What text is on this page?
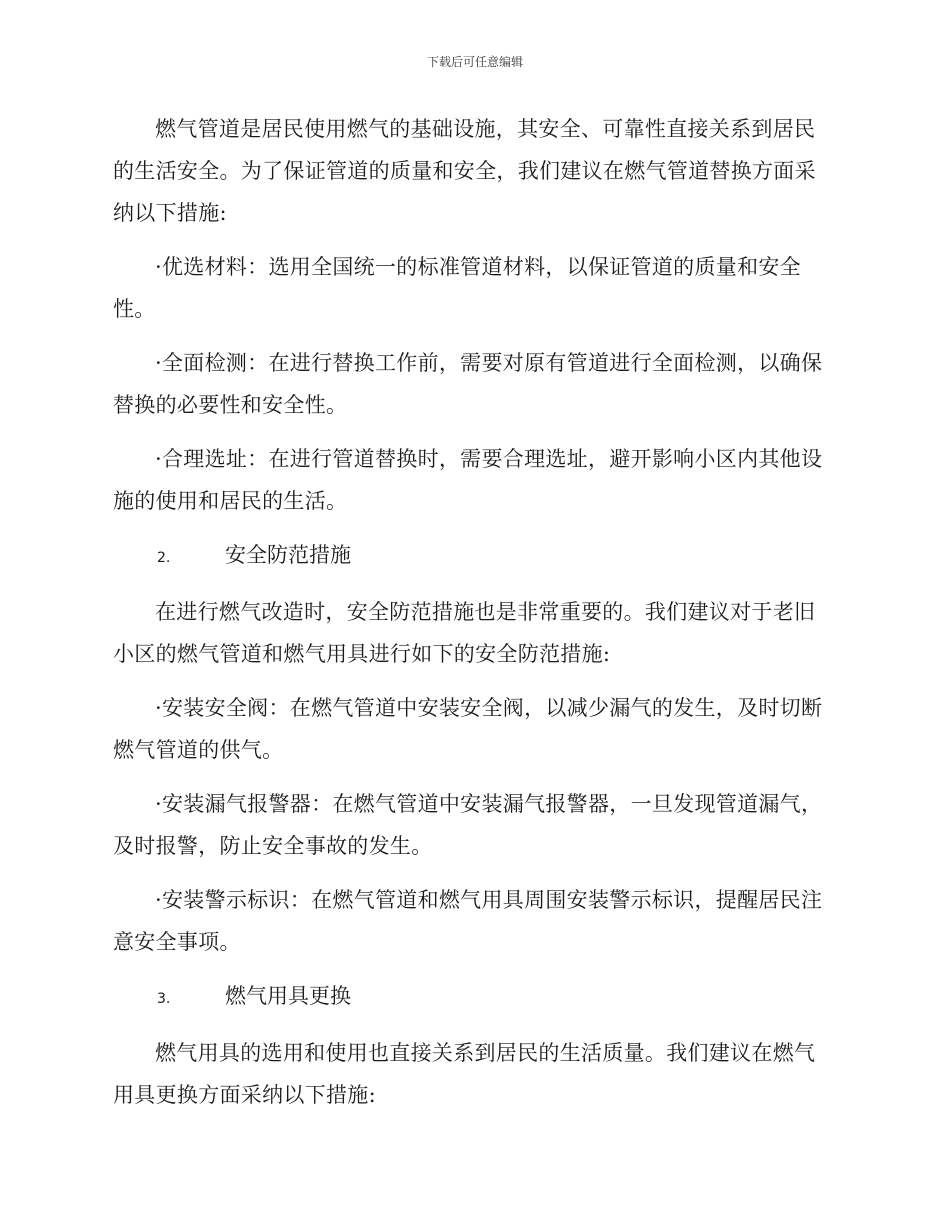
下载后可任意编辑

燃气管道是居民使用燃气的基础设施，其安全、可靠性直接关系到居民的生活安全。为了保证管道的质量和安全，我们建议在燃气管道替换方面采纳以下措施:

·优选材料：选用全国统一的标准管道材料，以保证管道的质量和安全性。

·全面检测：在进行替换工作前，需要对原有管道进行全面检测，以确保替换的必要性和安全性。

·合理选址：在进行管道替换时，需要合理选址，避开影响小区内其他设施的使用和居民的生活。

2.	安全防范措施

在进行燃气改造时，安全防范措施也是非常重要的。我们建议对于老旧小区的燃气管道和燃气用具进行如下的安全防范措施:

·安装安全阀：在燃气管道中安装安全阀，以减少漏气的发生，及时切断燃气管道的供气。

·安装漏气报警器：在燃气管道中安装漏气报警器，一旦发现管道漏气，及时报警，防止安全事故的发生。

·安装警示标识：在燃气管道和燃气用具周围安装警示标识，提醒居民注意安全事项。

3.	燃气用具更换

燃气用具的选用和使用也直接关系到居民的生活质量。我们建议在燃气用具更换方面采纳以下措施:
